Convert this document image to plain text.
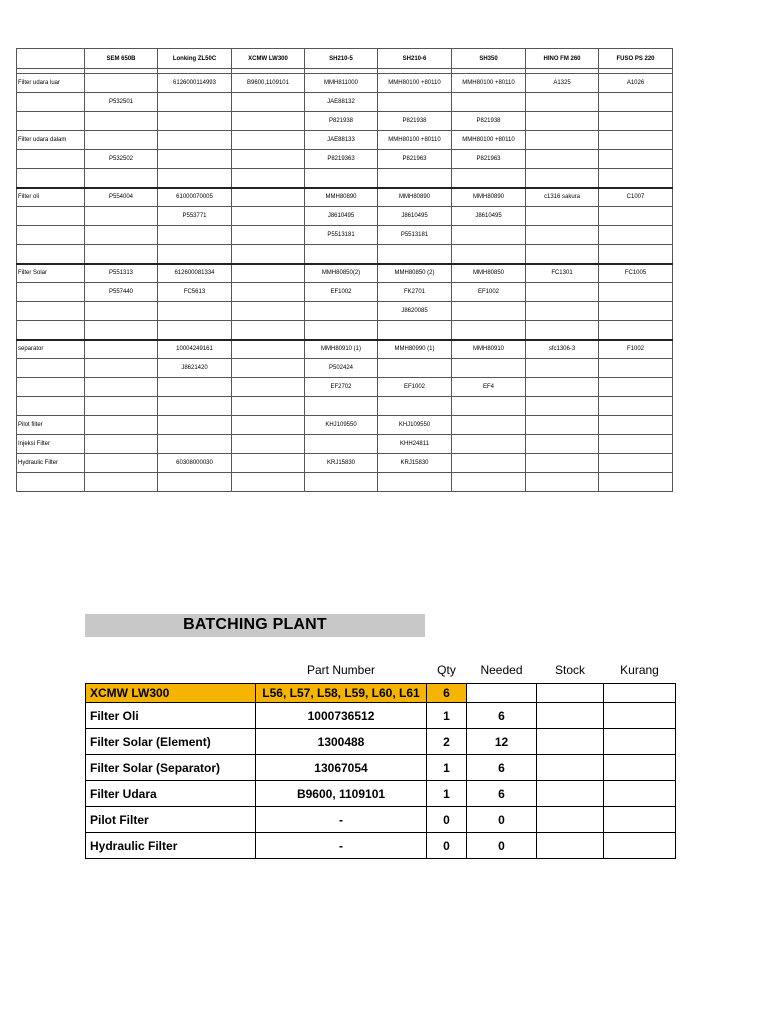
	SEM 650B	Lonking ZL50C	XCMW LW300	SH210-5	SH210-6	SH350	HINO FM 260	FUSO PS 220

Filter udara luar		6126000114993	B9600,1109101	MMH811000	MMH80100 +80110	MMH80100 +80110	A1325	A1026
	P532501			JAE88132				
				P821938	P821938	P821938		
Filter udara dalam				JAE88133	MMH80100 +80110	MMH80100 +80110		
	P532502			P8219363	P821963	P821963		

Filter oli	P554004	61000070005		MMH80890	MMH80890	MMH80890	c1316 sakura	C1007
		P553771		J8610495	J8610495	J8610495		
				P5513181	P5513181			

Filter Solar	P551313	612600081334		MMH80850(2)	MMH80850 (2)	MMH80850	FC1301	FC1005
	P557440	FC5613		EF1002	FK2701	EF1002		
					J8620085			

separator		10004249161		MMH80910 (1)	MMH80990 (1)	MMH80910	sfc1306-3	F1002
		J8621420		P502424				
				EF2702	EF1002	EF4		

Pilot filter				KHJ109550	KHJ109550			
Injeksi Filter					KHH24811			
Hydraulic Filter		60308000030		KRJ15830	KRJ15830			

BATCHING PLANT
	Part Number	Qty	Needed	Stock	Kurang
XCMW LW300	L56, L57, L58, L59, L60, L61	6			
Filter Oli	1000736512	1	6		
Filter Solar (Element)	1300488	2	12		
Filter Solar (Separator)	13067054	1	6		
Filter Udara	B9600, 1109101	1	6		
Pilot Filter	-	0	0		
Hydraulic Filter	-	0	0		
